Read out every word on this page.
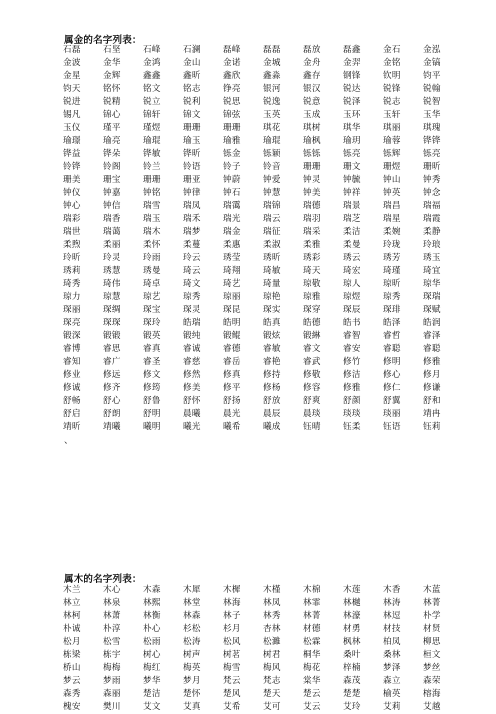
属金的名字列表：
石磊	石坚	石峰	石澜	磊峰	磊磊	磊放	磊鑫	金石	金泓
金波	金华	金鸿	金山	金诺	金城	金舟	金羿	金铭	金镐
金星	金辉	鑫鑫	鑫昕	鑫欣	鑫淼	鑫存	钢锋	钦明	钧平
钧天	铭怀	铭文	铭志	铮亮	银河	银汉	锐达	锐锋	锐翰
锐进	锐精	锐立	锐利	锐思	锐逸	锐意	锐泽	锐志	锐智
锡凡	锦心	锦轩	锦文	锦弦	玉英	玉成	玉环	玉轩	玉华
玉仪	瑾平	瑾煜	珊珊	珊珊	琪花	琪树	琪华	琪丽	琪瑰
瑜璟	瑜亮	瑜琨	瑜玉	瑜雅	瑜琨	瑜枫	瑜玥	瑜蓉	铧铧
铧益	铧朵	铧敏	铧昕	铄金	铄颖	铄铄	铄亮	铄辉	铄亮
铃铧	铃阁	铃兰	铃语	铃子	铃音	珊珊	珊文	珊煜	珊昕
珊美	珊宝	珊珊	珊亚	钟蔚	钟爱	钟灵	钟毓	钟山	钟秀
钟仪	钟嘉	钟铭	钟律	钟石	钟慧	钟美	钟祥	钟英	钟念
钟心	钟信	瑞雪	瑞凤	瑞霭	瑞锦	瑞德	瑞景	瑞昌	瑞福
瑞彩	瑞香	瑞玉	瑞禾	瑞光	瑞云	瑞羽	瑞芝	瑞星	瑞霞
瑞世	瑞蔼	瑞木	瑞梦	瑞金	瑞征	瑞采	柔洁	柔婉	柔静
柔煦	柔丽	柔怀	柔蔓	柔惠	柔淑	柔雅	柔曼	玲珑	玲琅
玲昕	玲灵	玲雨	玲云	琇莹	琇昕	琇彩	琇云	琇芳	琇玉
琇莉	琇慧	琇曼	琦云	琦翔	琦敏	琦天	琦宏	琦瑾	琦宜
琦秀	琦伟	琦卓	琦文	琦艺	琦量	琼敬	琼人	琼昕	琼华
琼力	琼慧	琼艺	琼秀	琼丽	琼艳	琼雅	琼煜	琼秀	琛瑞
琛丽	琛绸	琛宝	琛灵	琛昆	琛实	琛穿	琛辰	琛琲	琛赋
琛亮	琛琛	琛玲	皓瑞	皓明	皓真	皓德	皓书	皓泽	皓润
锻深	锻锻	锻英	锻纯	锻鲲	锻炫	锻綝	睿智	睿哲	睿泽
睿博	睿思	睿真	睿诚	睿德	睿敏	睿文	睿安	睿聪	睿聪
睿知	睿广	睿圣	睿慈	睿岳	睿艳	睿武	修竹	修明	修雅
修业	修远	修文	修然	修真	修持	修敬	修洁	修心	修月
修诚	修齐	修筠	修美	修平	修杨	修容	修雅	修仁	修谦
舒畅	舒心	舒鲁	舒怀	舒扬	舒放	舒爽	舒颜	舒翼	舒和
舒启	舒朗	舒明	晨曦	晨光	晨辰	晨琰	琰琰	琰丽	靖冉
靖昕	靖曦	曦明	曦光	曦希	曦成	钰晴	钰柔	钰语	钰莉
、
属木的名字列表：
木兰	木心	木森	木犀	木樨	木槿	木棉	木莲	木香	木蓝
林立	林泉	林熙	林堂	林海	林凤	林霏	林樾	林涛	林菁
林柯	林萧	林衡	林森	林子	林秀	林菁	林濠	林逗	朴学
朴诚	朴淳	朴心	杉松	杉月	杏林	材德	材勇	材技	材贤
松月	松雪	松雨	松涛	松风	松濉	松霖	枫林	柏凤	柳思
栋梁	栋宇	树心	树声	树茗	树君	桐华	桑叶	桑林	桓文
桥山	梅梅	梅红	梅英	梅雪	梅风	梅花	梓楠	梦泽	梦丝
梦云	梦雨	梦华	梦月	梵云	梵志	棠华	森茂	森立	森荣
森秀	森丽	楚洁	楚怀	楚风	楚天	楚云	楚楚	榆英	榕海
槐安	樊川	艾文	艾真	艾希	艾可	艾云	艾玲	艾莉	艾越
